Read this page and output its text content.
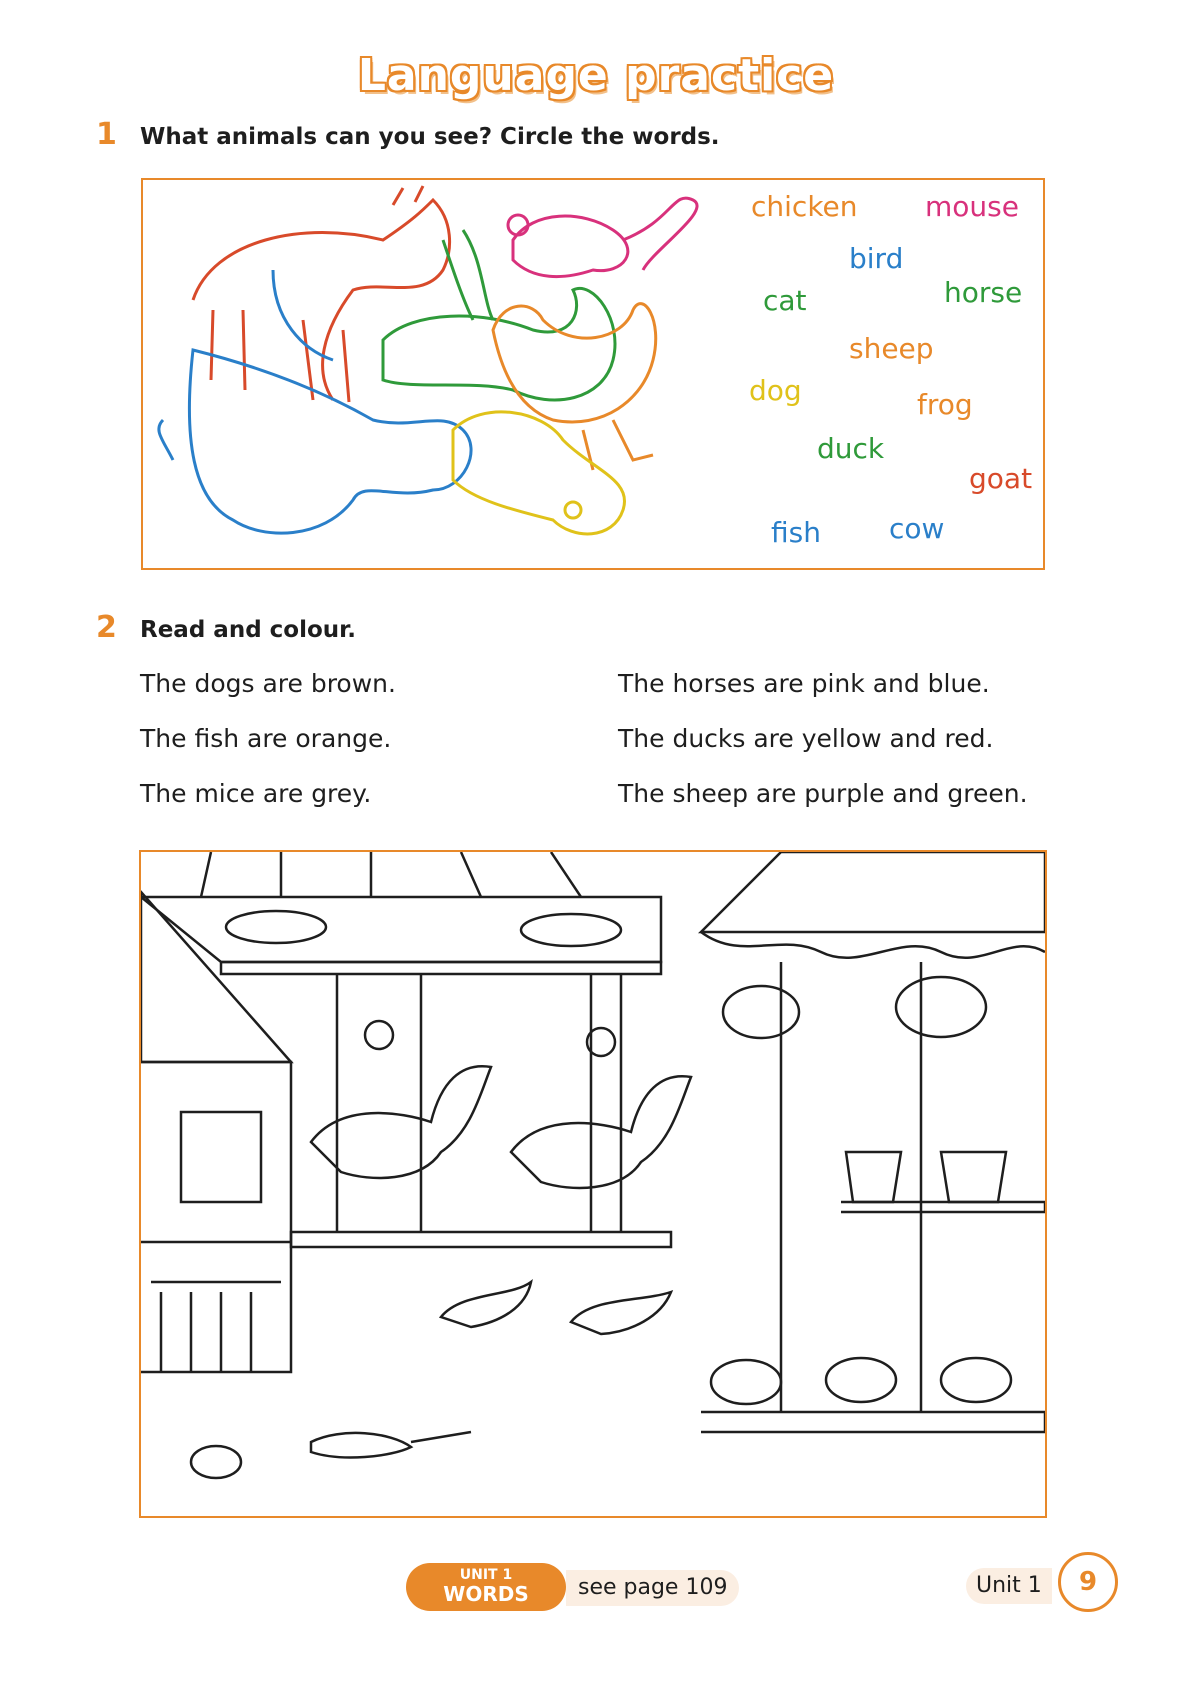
Language practice
1 What animals can you see? Circle the words.
chicken mouse
bird
cat	horse
sheep
dog	frog
duck
goat
fish cow
2 Read and colour.
The dogs are brown.
The fish are orange.
The mice are grey.
The horses are pink and blue.
The ducks are yellow and red.
The sheep are purple and green.
UNIT 1
WORDS	see page 109	Unit 1	9
